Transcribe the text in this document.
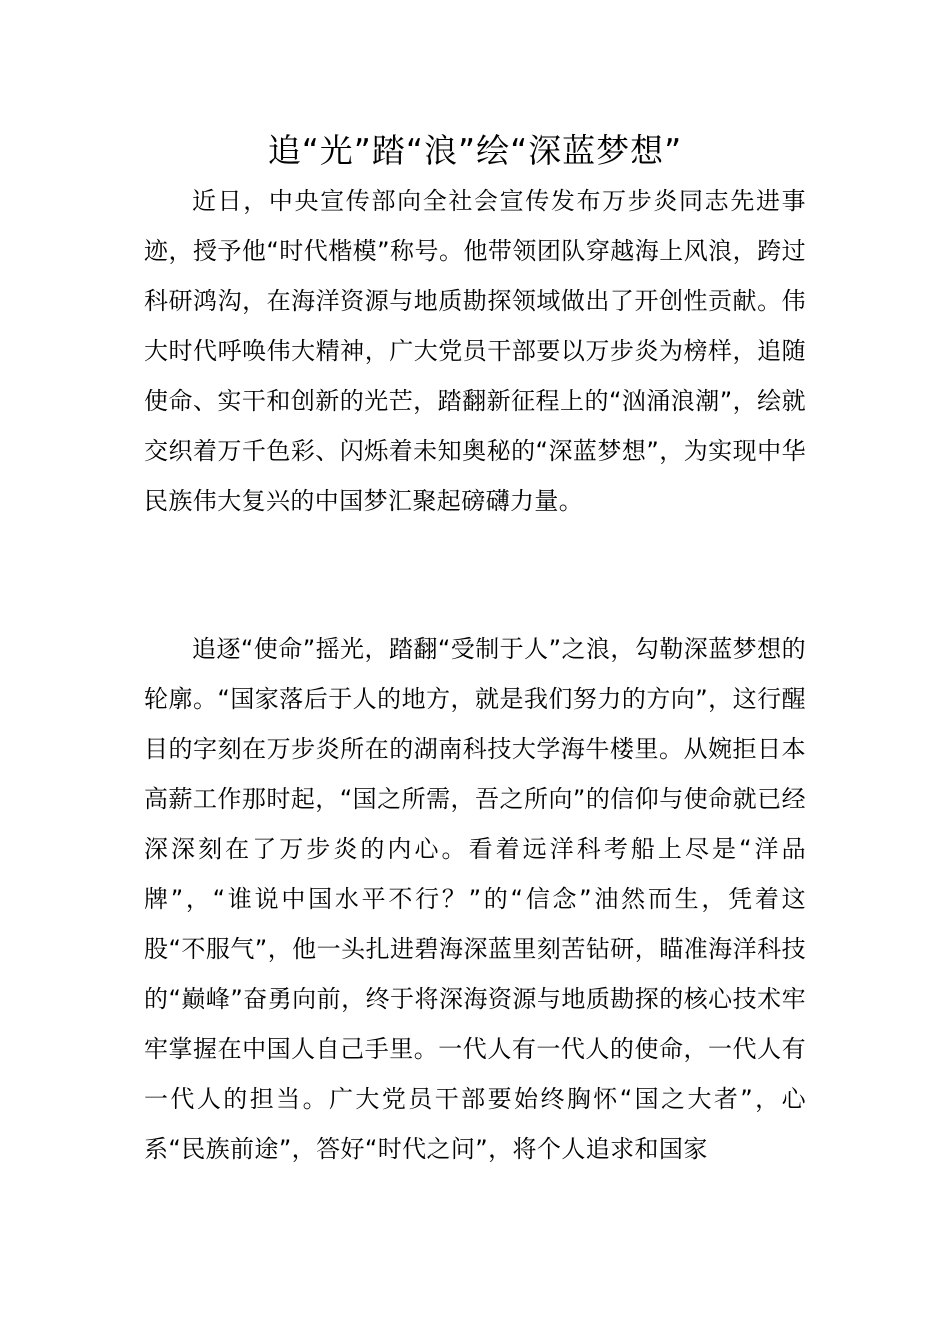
追“光”踏“浪”绘“深蓝梦想”

近日，中央宣传部向全社会宣传发布万步炎同志先进事迹，授予他“时代楷模”称号。他带领团队穿越海上风浪，跨过科研鸿沟，在海洋资源与地质勘探领域做出了开创性贡献。伟大时代呼唤伟大精神，广大党员干部要以万步炎为榜样，追随使命、实干和创新的光芒，踏翻新征程上的“汹涌浪潮”，绘就交织着万千色彩、闪烁着未知奥秘的“深蓝梦想”，为实现中华民族伟大复兴的中国梦汇聚起磅礴力量。

追逐“使命”摇光，踏翻“受制于人”之浪，勾勒深蓝梦想的轮廓。“国家落后于人的地方，就是我们努力的方向”，这行醒目的字刻在万步炎所在的湖南科技大学海牛楼里。从婉拒日本高薪工作那时起，“国之所需，吾之所向”的信仰与使命就已经深深刻在了万步炎的内心。看着远洋科考船上尽是“洋品牌”，“谁说中国水平不行？”的“信念”油然而生，凭着这股“不服气”，他一头扎进碧海深蓝里刻苦钻研，瞄准海洋科技的“巅峰”奋勇向前，终于将深海资源与地质勘探的核心技术牢牢掌握在中国人自己手里。一代人有一代人的使命，一代人有一代人的担当。广大党员干部要始终胸怀“国之大者”，心系“民族前途”，答好“时代之问”，将个人追求和国家
